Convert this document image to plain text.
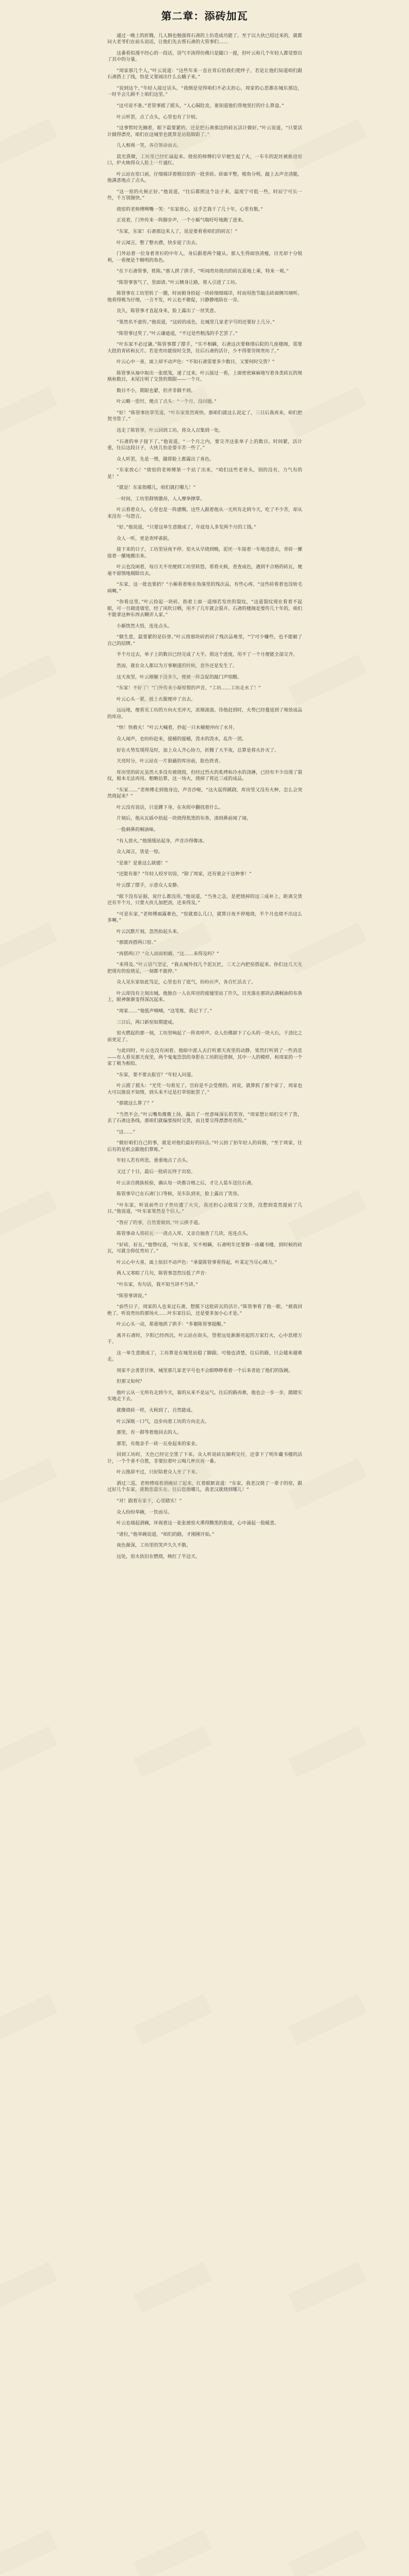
第二章：添砖加瓦

通过一晚上的折腾，几人倒也勉强将石斋的上仿造成功能了。至于以大伙已绍过来的，就都问大老爷们在前头说话，让他们先去帮石斋的大管事们……

这番看似漫不经心的一段话，语气平淡得仿佛只是随口一提，但叶云和几个年轻人都觉察出了其中的分量。

“周家那几个人，”叶云说道：“这些年来一直在背后给我们使绊子，若是让他们知道咱们跟石斋搭上了线，怕是又要闹出什么幺蛾子来。”

“说到这个，”年轻人接过话头，“我倒是觉得咱们不必太担心，周家的心思都在城东那边，一时半会儿顾不上咱们这里。”

“这可说不准。”老管事摇了摇头，“人心隔肚皮，谁知道他们背地里打的什么算盘。”

叶云听罢，点了点头，心里也有了计较。

“这事暂时先搁着，眼下最要紧的，还是把石斋那边的砖瓦活计做好。”叶云说道，“只要活计做得漂亮，咱们在这城里也就算是站稳脚跟了。”

几人相视一笑，各自领命而去。

晨光熹微，工坊里已经忙碌起来。烧窑的师傅们早早便生起了火，一车车的泥坯被推进窑口，炉火映得众人脸上一片通红。

叶云站在窑口前，仔细端详着刚出窑的一批青砖。砖面平整，棱角分明，敲上去声音清脆，他满意地点了点头。

“这一窑的火候正好。”他说道，“往后都照这个法子来，温度宁可低一些，时辰宁可长一些，千万别图快。”

烧窑的老师傅咧嘴一笑：“东家放心，这手艺我干了几十年，心里有数。”

正说着，门外传来一阵脚步声，一个小厮气喘吁吁地跑了进来。

“东家，东家！石斋那边来人了，说是要看看咱们的砖瓦！”

叶云闻言，整了整衣襟，快步迎了出去。

门外站着一位身着青衫的中年人，身后跟着两个随从。那人生得面容清瘦，目光却十分锐利，一看便是个精明的角色。

“在下石斋管事，姓陈。”那人拱了拱手，“听闻贵坊烧出的砖瓦质地上乘，特来一观。”

“陈管事客气了，里面请。”叶云侧身让路，将人引进了工坊。

陈管事在工坊里转了一圈，时而俯身拾起一块砖细细端详，时而用指节敲击砖面侧耳倾听。他看得极为仔细，一言不发，叶云也不催促，只静静地陪在一旁。

良久，陈管事才直起身来，脸上露出了一丝笑意。

“果然名不虚传。”他说道，“这砖的成色，比城里几家老字号的还要好上几分。”

“陈管事过奖了。”叶云谦逊道，“不过是些粗浅的手艺罢了。”

“叶东家不必过谦。”陈管事摆了摆手，“实不相瞒，石斋这次要修缮后院的几座楼阁，需要大批的青砖和瓦片。若是贵坊能按时交货，往后石斋的活计，少不得要劳烦贵坊了。”

叶云心中一喜，面上却不动声色：“不知石斋需要多少数目，又要何时交货？”

陈管事从袖中取出一张纸笺，递了过来。叶云接过一看，上面密密麻麻地写着各类砖瓦的规格和数目，末尾注明了交货的期限——一个月。

数目不小，期限也紧，但并非做不到。

叶云略一思忖，便点了点头：“一个月，没问题。”

“好！”陈管事抚掌笑道，“叶东家果然爽快。那咱们就这么说定了，三日后我再来，咱们把契书签了。”

送走了陈管事，叶云回到工坊，将众人召集到一处。

“石斋的单子接下了。”他说道，“一个月之内，要交齐这张单子上的数目。时间紧，活计重，往后这段日子，大伙儿怕是要辛苦一些了。”

众人听罢，先是一愣，随即脸上都露出了喜色。

“东家放心！”烧窑的老师傅第一个站了出来，“咱们这些老骨头，别的没有，力气有的是！”

“就是！东家指哪儿，咱们就打哪儿！”

一时间，工坊里群情激昂，人人摩拳擦掌。

叶云看着众人，心里也是一阵感慨。这些人跟着他从一无所有走到今天，吃了不少苦，却从来没有一句怨言。

“好。”他说道，“只要这单生意做成了，年底每人多发两个月的工钱。”

众人一听，更是欢呼雀跃。

接下来的日子，工坊里昼夜不停。窑火从早烧到晚，泥坯一车接着一车地送进去，青砖一摞接着一摞地搬出来。

叶云也没闲着，每日天不亮便到工坊里转悠，看看火候，查查成色，遇到不合格的砖瓦，便毫不留情地剔除出去。

“东家，这一批也要扔？”小厮看着堆在角落里的残次品，有些心疼，“这些砖看着也没啥毛病啊。”

“你看这里。”叶云捡起一块砖，指着上面一道细若发丝的裂纹，“这道裂纹现在看着不起眼，可一旦砌进墙里，经了风吹日晒，用不了几年就会裂开。石斋的楼阁是要传几十年的，咱们不能拿这种东西去糊弄人家。”

小厮恍然大悟，连连点头。

“做生意，最要紧的是信誉。”叶云将那块砖扔回了残次品堆里，“宁可少赚些，也不能砸了自己的招牌。”

半个月过去，单子上的数目已经完成了大半。照这个进度，用不了一个月便能全部交齐。

然而，就在众人都以为万事顺遂的时候，意外还是发生了。

这天夜里，叶云刚躺下没多久，便被一阵急促的敲门声惊醒。

“东家！不好了！”门外传来小厮惊慌的声音，“工坊……工坊走水了！”

叶云心头一紧，披上衣服便冲了出去。

远远地，便看见工坊的方向火光冲天，浓烟滚滚。待他赶到时，火势已经蔓延到了堆放成品的库房。

“快！快救火！”叶云大喊着，抄起一只木桶便冲向了水井。

众人闻声，也纷纷赶来，提桶的提桶，泼水的泼水，乱作一团。

好在火势发现得及时，加上众人齐心协力，折腾了大半夜，总算是将火扑灭了。

天亮时分，叶云站在一片狼藉的库房前，脸色铁青。

库房里的砖瓦虽然大多没有被烧毁，但经过烈火的炙烤和冷水的浇淋，已经有不少出现了裂纹，根本无法再用。粗略估算，这一场火，烧掉了将近三成的成品。

“东家……”老师傅走到他身边，声音沙哑，“这火起得蹊跷，库房里又没有火种，怎么会突然烧起来？”

叶云没有说话，只是蹲下身，在灰烬中翻找着什么。

片刻后，他从瓦砾中拾起一块烧得焦黑的布条，凑到鼻前闻了闻。

一股刺鼻的桐油味。

“有人放火。”他缓缓站起身，声音冷得像冰。

众人闻言，皆是一惊。

“是谁？是谁这么缺德！”

“还能有谁？”年轻人咬牙切齿，“除了周家，还有谁会干这种事！”

叶云摆了摆手，示意众人安静。

“眼下没有证据，说什么都没用。”他说道，“当务之急，是把烧掉的这三成补上。距离交货还有半个月，只要大伙儿加把劲，还来得及。”

“可是东家，”老师傅面露难色，“窑就那么几口，就算日夜不停地烧，半个月也烧不出这么多啊。”

叶云沉默片刻，忽然抬起头来。

“那就再搭两口窑。”

“再搭两口？”众人面面相觑，“这……来得及吗？”

“来得及。”叶云语气坚定，“我去城外找几个泥瓦匠，三天之内把窑搭起来。你们这几天先把现有的窑烧足，一刻都不能停。”

众人见东家如此笃定，心里也有了底气，纷纷应声，各自忙活去了。

叶云却没有立刻出城。他独自一人在库房的废墟里站了许久，目光落在那块沾满桐油的布条上，眼神渐渐变得深沉起来。

“周家……”他低声喃喃，“这笔账，我记下了。”

三日后，两口新窑如期建成。

窑火燃起的那一刻，工坊里响起了一阵欢呼声。众人仿佛卸下了心头的一块大石，干劲比之前更足了。

与此同时，叶云也没有闲着。他暗中派人去打听那天夜里的动静，果然打听到了一些消息——有人看见那天夜里，两个鬼鬼祟祟的身影在工坊附近徘徊，其中一人的模样，和周家的一个家丁极为相似。

“东家，要不要去报官？”年轻人问道。

叶云摇了摇头：“光凭一句看见了，官府是不会受理的。再说，就算抓了那个家丁，周家也大可以推说不知情，到头来不过是打草惊蛇罢了。”

“那就这么算了？”

“当然不会。”叶云嘴角微微上扬，露出了一丝意味深长的笑容，“周家想让咱们交不了货，丢了石斋这条线。那咱们就偏要按时交货，而且要交得漂漂亮亮的。”

“这……”

“做好咱们自己的事，就是对他们最好的回击。”叶云拍了拍年轻人的肩膀，“至于周家，往后有的是机会跟他们算账。”

年轻人若有所思，重重地点了点头。

又过了十日，最后一批砖瓦终于出窑。

叶云亲自挑拣检验，确认每一块都合格之后，才让人装车送往石斋。

陈管事早已在石斋门口等候，见车队到来，脸上露出了笑容。

“叶东家，听说前些日子贵坊遭了火灾，我还担心会耽误了交货，没想到竟然提前了几日。”他说道，“叶东家果然是个信人。”

“答应了的事，自然要做到。”叶云拱手道。

陈管事命人将砖瓦一一清点入库，又亲自抽查了几块，连连点头。

“好砖，好瓦。”他赞叹道，“叶东家，实不相瞒，石斋明年还要修一座藏书楼，到时候的砖瓦，可就全仰仗贵坊了。”

叶云心中大喜，面上依旧不动声色：“承蒙陈管事看得起，叶某定当尽心竭力。”

两人又寒暄了几句，陈管事忽然压低了声音：

“叶东家，有句话，我不知当讲不当讲。”

“陈管事请说。”

“前些日子，周家的人也来过石斋，想揽下这批砖瓦的活计。”陈管事看了他一眼，“被我回绝了。听说贵坊的那场火……叶东家往后，还是要多加小心才是。”

叶云心头一动，郑重地拱了拱手：“多谢陈管事提醒。”

离开石斋时，夕阳已经西沉。叶云站在街头，望着远处渐渐亮起的万家灯火，心中思绪万千。

这一单生意做成了，工坊算是在城里站稳了脚跟。可他也清楚，往后的路，只会越来越难走。

周家不会善罢甘休，城里那几家老字号也不会眼睁睁看着一个后来者抢了他们的饭碗。

但那又如何？

他叶云从一无所有走到今天，靠的从来不是运气。往后的路再难，他也会一步一步，踏踏实实地走下去。

就像烧砖一样，火候到了，自然能成。

叶云深吸一口气，迈步向着工坊的方向走去。

那里，有一群等着他回去的人。

那里，有他亲手一砖一瓦垒起来的家业。

回到工坊时，天色已经完全黑了下来。众人听说砖瓦顺利交付，还拿下了明年藏书楼的活计，一个个喜不自胜，非要拉着叶云喝几杯庆祝一番。

叶云推辞不过，只好陪着众人坐了下来。

酒过三巡，老师傅端着酒碗站了起来，红着眼眶说道：“东家，我老汉烧了一辈子的窑，跟过好几个东家，就数您最实在。往后您指哪儿，我老汉就烧到哪儿！”

“对！跟着东家干，心里踏实！”

众人纷纷举碗，一饮而尽。

叶云也端起酒碗，环视着这一张张被窑火熏得黝黑的脸庞，心中涌起一股暖意。

“诸位，”他举碗说道，“咱们的路，才刚刚开始。”

夜色渐深，工坊里的笑声久久不散。

远处，窑火依旧在燃烧，映红了半边天。
